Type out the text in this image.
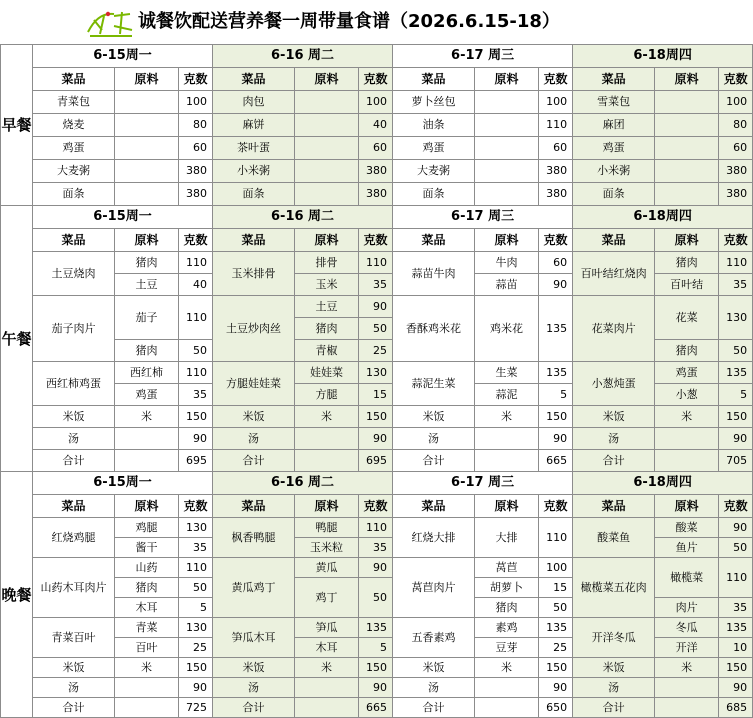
诚餐饮配送营养餐一周带量食谱（2026.6.15-18）
早餐	6-15周一			6-16 周二			6-17 周三			6-18周四		
	菜品	原料	克数	菜品	原料	克数	菜品	原料	克数	菜品	原料	克数
	青菜包		100	肉包		100	萝卜丝包		100	雪菜包		100
	烧麦		80	麻饼		40	油条		110	麻团		80
	鸡蛋		60	茶叶蛋		60	鸡蛋		60	鸡蛋		60
	大麦粥		380	小米粥		380	大麦粥		380	小米粥		380
	面条		380	面条		380	面条		380	面条		380
午餐	6-15周一			6-16 周二			6-17 周三			6-18周四		
	菜品	原料	克数	菜品	原料	克数	菜品	原料	克数	菜品	原料	克数
	土豆烧肉	猪肉	110	玉米排骨	排骨	110	蒜苗牛肉	牛肉	60	百叶结红烧肉	猪肉	110
		土豆	40		玉米	35		蒜苗	90		百叶结	35
	茄子肉片	茄子	110	土豆炒肉丝	土豆	90	香酥鸡米花	鸡米花	135	花菜肉片	花菜	130
					猪肉	50						
		猪肉	50		青椒	25					猪肉	50
	西红柿鸡蛋	西红柿	110	方腿娃娃菜	娃娃菜	130	蒜泥生菜	生菜	135	小葱炖蛋	鸡蛋	135
		鸡蛋	35		方腿	15		蒜泥	5		小葱	5
	米饭	米	150	米饭	米	150	米饭	米	150	米饭	米	150
	汤		90	汤		90	汤		90	汤		90
	合计		695	合计		695	合计		665	合计		705
晚餐	6-15周一			6-16 周二			6-17 周三			6-18周四		
	菜品	原料	克数	菜品	原料	克数	菜品	原料	克数	菜品	原料	克数
	红烧鸡腿	鸡腿	130	枫香鸭腿	鸭腿	110	红烧大排	大排	110	酸菜鱼	酸菜	90
		酱干	35		玉米粒	35					鱼片	50
	山药木耳肉片	山药	110	黄瓜鸡丁	黄瓜	90	莴苣肉片	莴苣	100	橄榄菜五花肉	橄榄菜	110
		猪肉	50		鸡丁	50		胡萝卜	15			
		木耳	5					猪肉	50		肉片	35
	青菜百叶	青菜	130	笋瓜木耳	笋瓜	135	五香素鸡	素鸡	135	开洋冬瓜	冬瓜	135
		百叶	25		木耳	5		豆芽	25		开洋	10
	米饭	米	150	米饭	米	150	米饭	米	150	米饭	米	150
	汤		90	汤		90	汤		90	汤		90
	合计		725	合计		665	合计		650	合计		685
